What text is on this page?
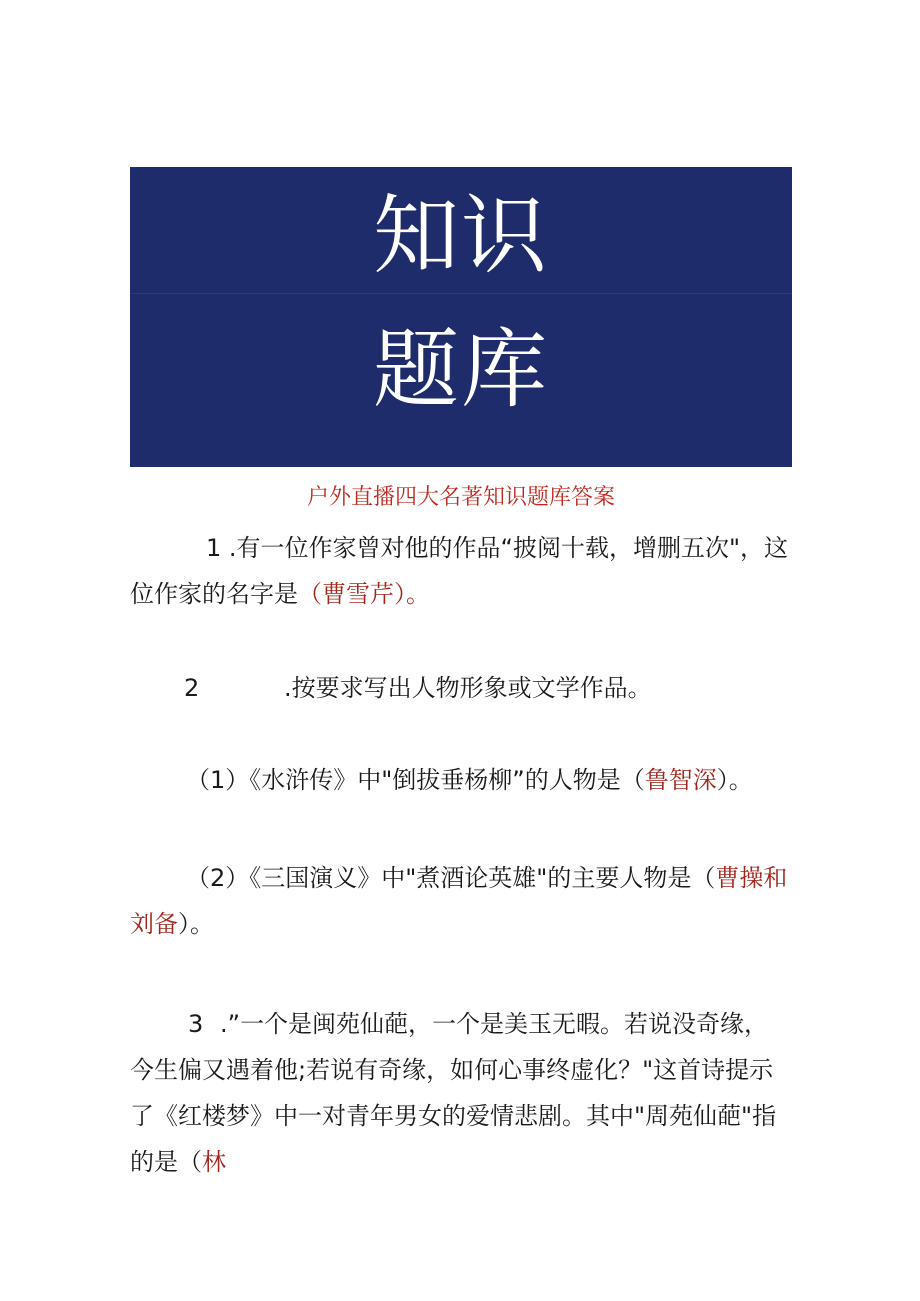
知识
题库
户外直播四大名著知识题库答案
1 .有一位作家曾对他的作品“披阅十载，增删五次"，这位作家的名字是（曹雪芹）。
2	.按要求写出人物形象或文学作品。
（1）《水浒传》中"倒拔垂杨柳”的人物是（鲁智深）。
（2）《三国演义》中"煮酒论英雄"的主要人物是（曹操和刘备）。
3 .”一个是闽苑仙葩，一个是美玉无暇。若说没奇缘，今生偏又遇着他;若说有奇缘，如何心事终虚化？"这首诗提示了《红楼梦》中一对青年男女的爱情悲剧。其中"周苑仙葩"指的是（林
